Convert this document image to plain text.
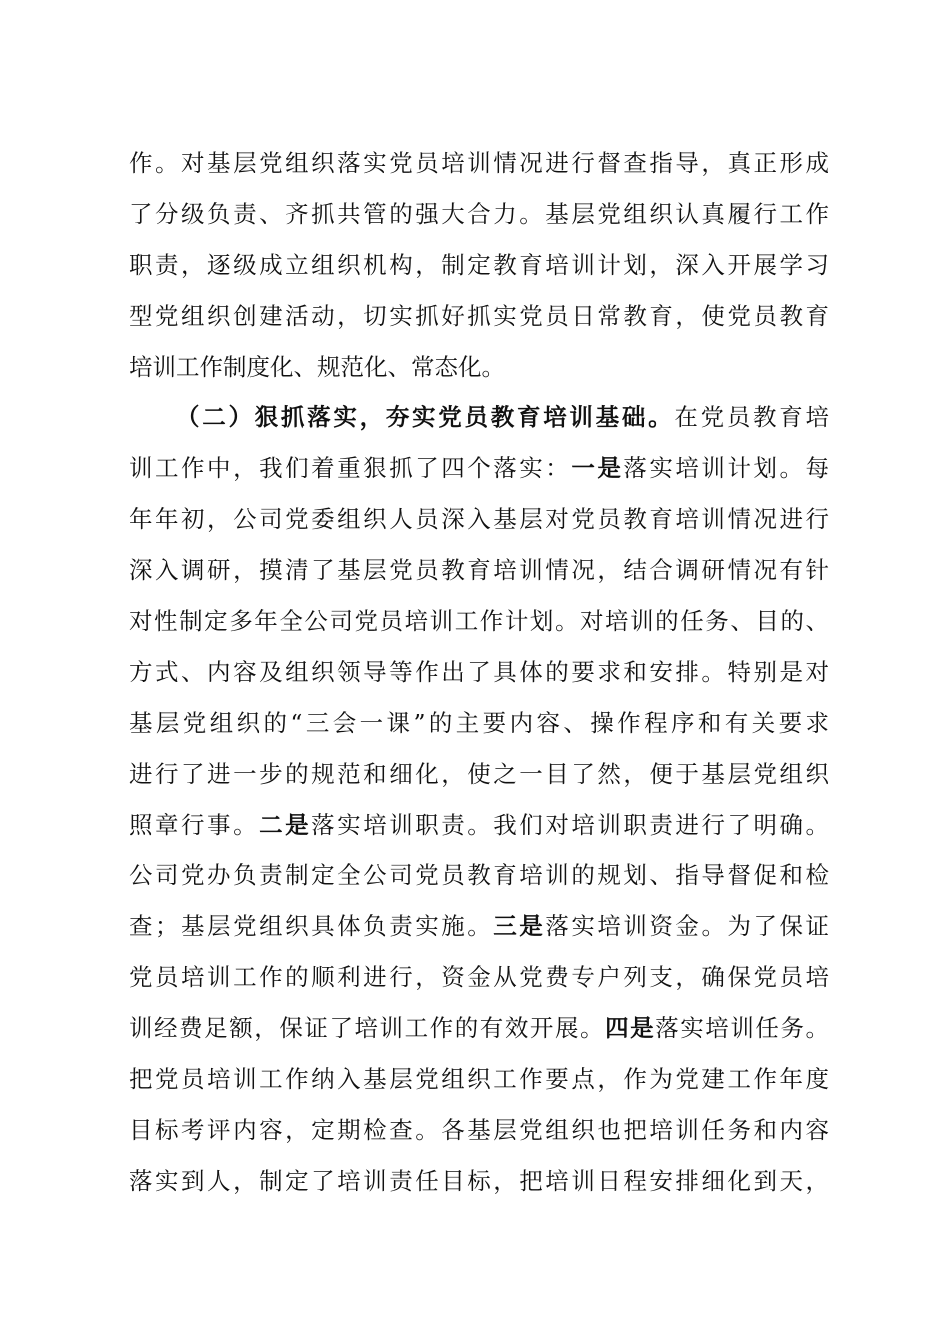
作。对基层党组织落实党员培训情况进行督查指导，真正形成
了分级负责、齐抓共管的强大合力。基层党组织认真履行工作
职责，逐级成立组织机构，制定教育培训计划，深入开展学习
型党组织创建活动，切实抓好抓实党员日常教育，使党员教育
培训工作制度化、规范化、常态化。
（二）狠抓落实，夯实党员教育培训基础。在党员教育培
训工作中，我们着重狠抓了四个落实：一是落实培训计划。每
年年初，公司党委组织人员深入基层对党员教育培训情况进行
深入调研，摸清了基层党员教育培训情况，结合调研情况有针
对性制定多年全公司党员培训工作计划。对培训的任务、目的、
方式、内容及组织领导等作出了具体的要求和安排。特别是对
基层党组织的“三会一课”的主要内容、操作程序和有关要求
进行了进一步的规范和细化，使之一目了然，便于基层党组织
照章行事。二是落实培训职责。我们对培训职责进行了明确。
公司党办负责制定全公司党员教育培训的规划、指导督促和检
查；基层党组织具体负责实施。三是落实培训资金。为了保证
党员培训工作的顺利进行，资金从党费专户列支，确保党员培
训经费足额，保证了培训工作的有效开展。四是落实培训任务。
把党员培训工作纳入基层党组织工作要点，作为党建工作年度
目标考评内容，定期检查。各基层党组织也把培训任务和内容
落实到人，制定了培训责任目标，把培训日程安排细化到天，
